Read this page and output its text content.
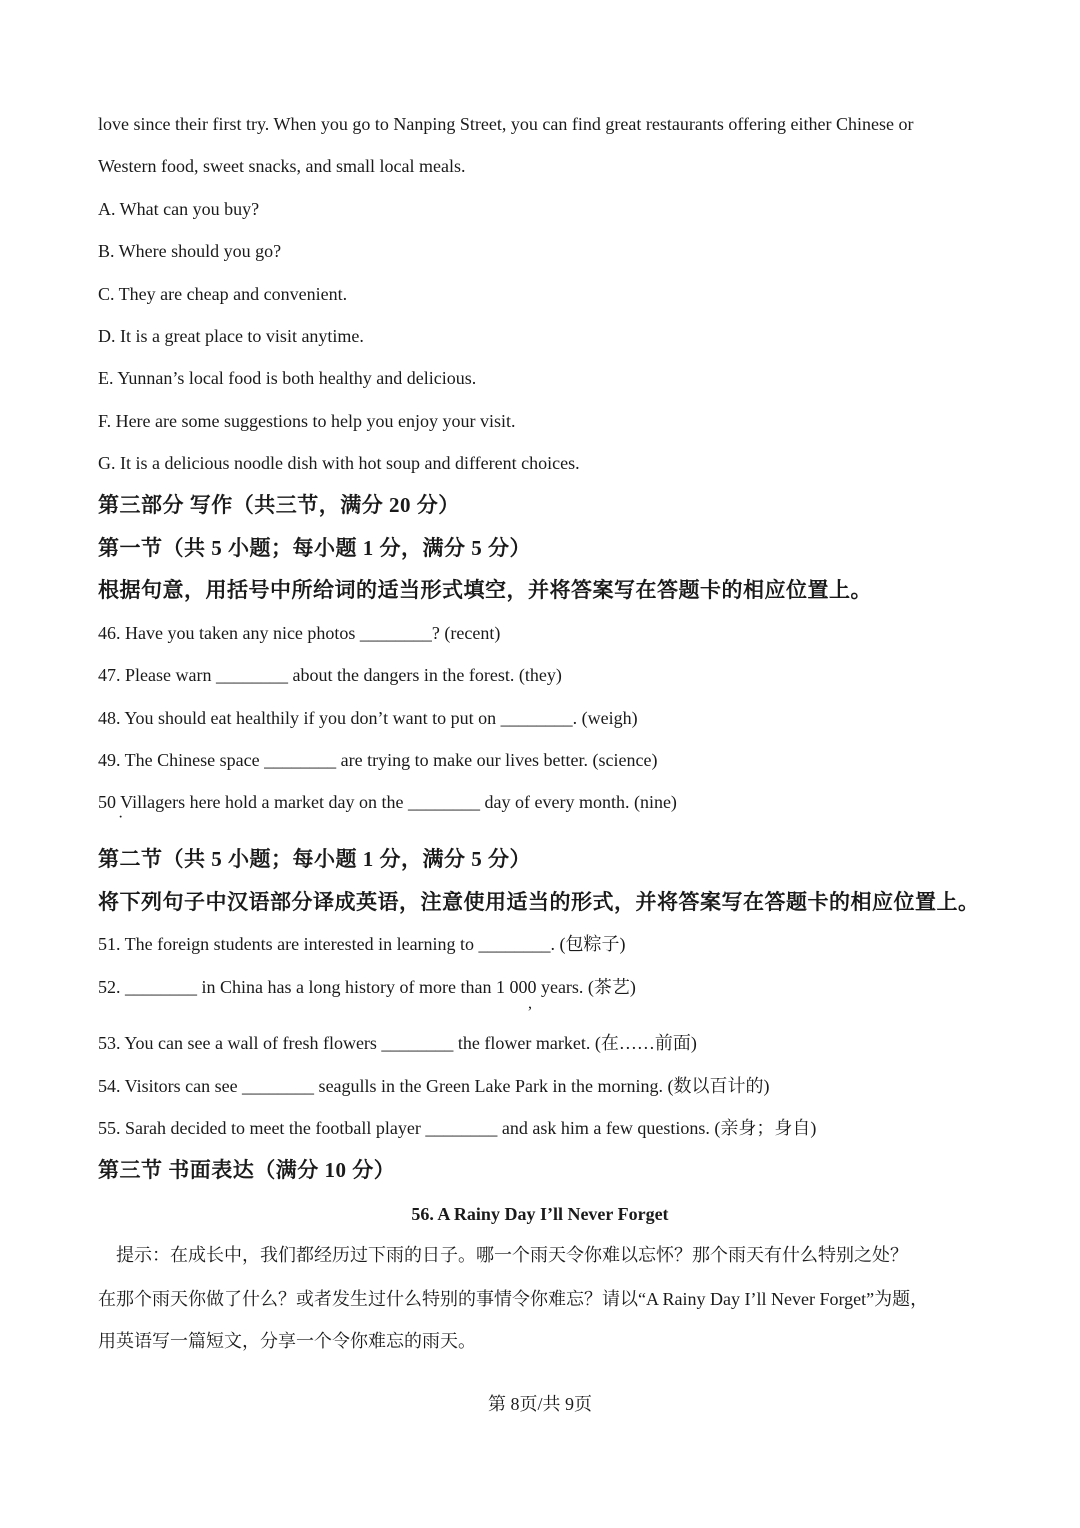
love since their first try. When you go to Nanping Street, you can find great restaurants offering either Chinese or
Western food, sweet snacks, and small local meals.
A. What can you buy?
B. Where should you go?
C. They are cheap and convenient.
D. It is a great place to visit anytime.
E. Yunnan’s local food is both healthy and delicious.
F. Here are some suggestions to help you enjoy your visit.
G. It is a delicious noodle dish with hot soup and different choices.
第三部分 写作（共三节，满分 20 分）
第一节（共 5 小题；每小题 1 分，满分 5 分）
根据句意，用括号中所给词的适当形式填空，并将答案写在答题卡的相应位置上。
46. Have you taken any nice photos ________? (recent)
47. Please warn ________ about the dangers in the forest. (they)
48. You should eat healthily if you don’t want to put on ________. (weigh)
49. The Chinese space ________ are trying to make our lives better. (science)
50 Villagers here hold a market day on the ________ day of every month. (nine)
·
第二节（共 5 小题；每小题 1 分，满分 5 分）
将下列句子中汉语部分译成英语，注意使用适当的形式，并将答案写在答题卡的相应位置上。
51. The foreign students are interested in learning to ________. (包粽子)
52. ________ in China has a long history of more than 1 000 years. (茶艺)
,
53. You can see a wall of fresh flowers ________ the flower market. (在……前面)
54. Visitors can see ________ seagulls in the Green Lake Park in the morning. (数以百计的)
55. Sarah decided to meet the football player ________ and ask him a few questions. (亲身；身自)
第三节 书面表达（满分 10 分）
56. A Rainy Day I’ll Never Forget
提示：在成长中，我们都经历过下雨的日子。哪一个雨天令你难以忘怀？那个雨天有什么特别之处？
在那个雨天你做了什么？或者发生过什么特别的事情令你难忘？请以“A Rainy Day I’ll Never Forget”为题，
用英语写一篇短文，分享一个令你难忘的雨天。
第 8页/共 9页
